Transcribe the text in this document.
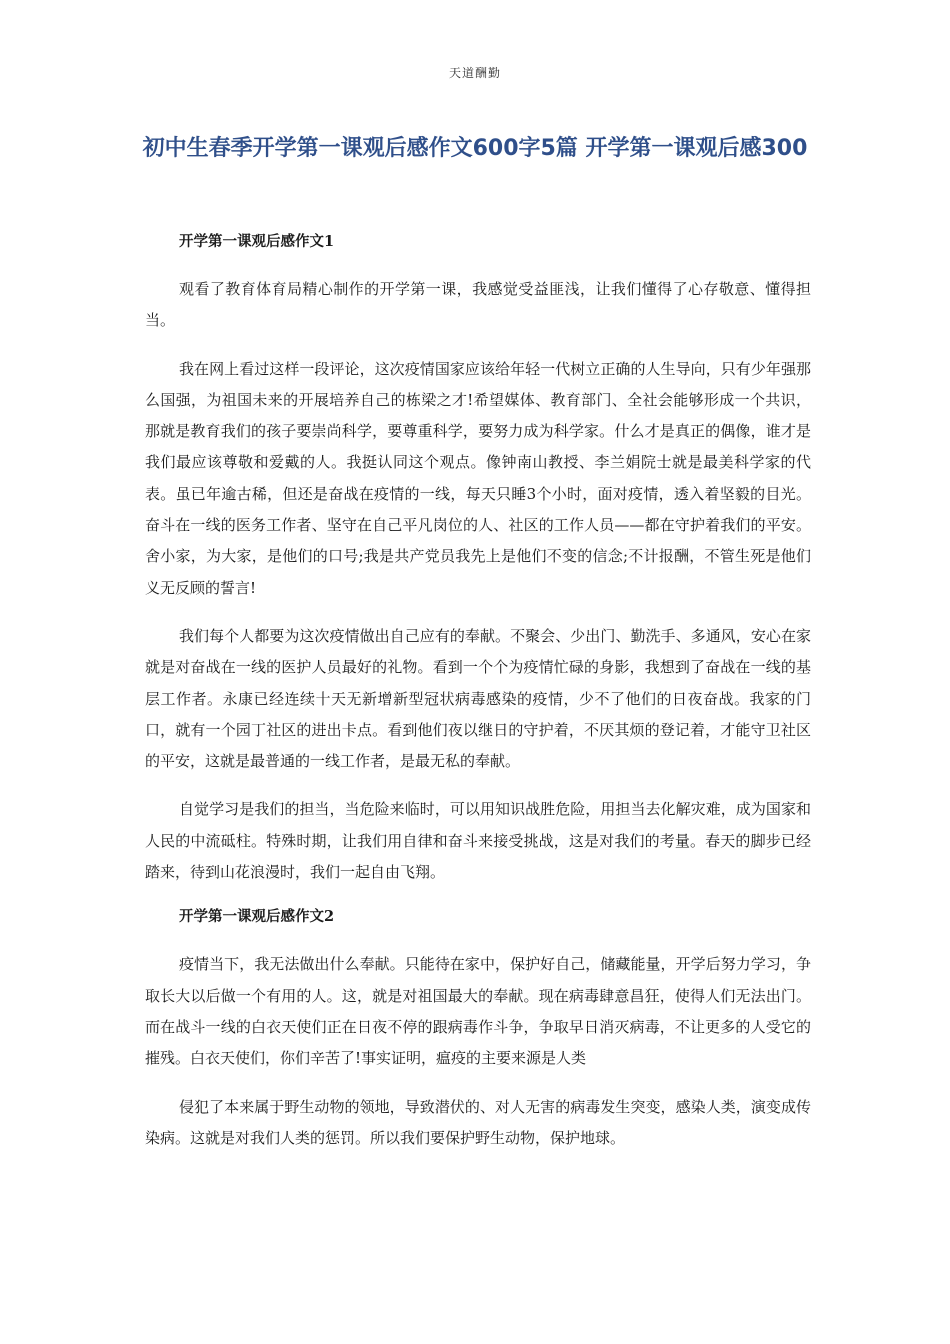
天道酬勤
初中生春季开学第一课观后感作文600字5篇 开学第一课观后感300
开学第一课观后感作文1

观看了教育体育局精心制作的开学第一课，我感觉受益匪浅，让我们懂得了心存敬意、懂得担当。

我在网上看过这样一段评论，这次疫情国家应该给年轻一代树立正确的人生导向，只有少年强那么国强，为祖国未来的开展培养自己的栋梁之才!希望媒体、教育部门、全社会能够形成一个共识，那就是教育我们的孩子要崇尚科学，要尊重科学，要努力成为科学家。什么才是真正的偶像，谁才是我们最应该尊敬和爱戴的人。我挺认同这个观点。像钟南山教授、李兰娟院士就是最美科学家的代表。虽已年逾古稀，但还是奋战在疫情的一线，每天只睡3个小时，面对疫情，透入着坚毅的目光。奋斗在一线的医务工作者、坚守在自己平凡岗位的人、社区的工作人员——都在守护着我们的平安。舍小家，为大家，是他们的口号;我是共产党员我先上是他们不变的信念;不计报酬，不管生死是他们义无反顾的誓言!

我们每个人都要为这次疫情做出自己应有的奉献。不聚会、少出门、勤洗手、多通风，安心在家就是对奋战在一线的医护人员最好的礼物。看到一个个为疫情忙碌的身影，我想到了奋战在一线的基层工作者。永康已经连续十天无新增新型冠状病毒感染的疫情，少不了他们的日夜奋战。我家的门口，就有一个园丁社区的进出卡点。看到他们夜以继日的守护着，不厌其烦的登记着，才能守卫社区的平安，这就是最普通的一线工作者，是最无私的奉献。

自觉学习是我们的担当，当危险来临时，可以用知识战胜危险，用担当去化解灾难，成为国家和人民的中流砥柱。特殊时期，让我们用自律和奋斗来接受挑战，这是对我们的考量。春天的脚步已经踏来，待到山花浪漫时，我们一起自由飞翔。

开学第一课观后感作文2

疫情当下，我无法做出什么奉献。只能待在家中，保护好自己，储藏能量，开学后努力学习，争取长大以后做一个有用的人。这，就是对祖国最大的奉献。现在病毒肆意昌狂，使得人们无法出门。而在战斗一线的白衣天使们正在日夜不停的跟病毒作斗争，争取早日消灭病毒，不让更多的人受它的摧残。白衣天使们，你们辛苦了!事实证明，瘟疫的主要来源是人类

侵犯了本来属于野生动物的领地，导致潜伏的、对人无害的病毒发生突变，感染人类，演变成传染病。这就是对我们人类的惩罚。所以我们要保护野生动物，保护地球。
